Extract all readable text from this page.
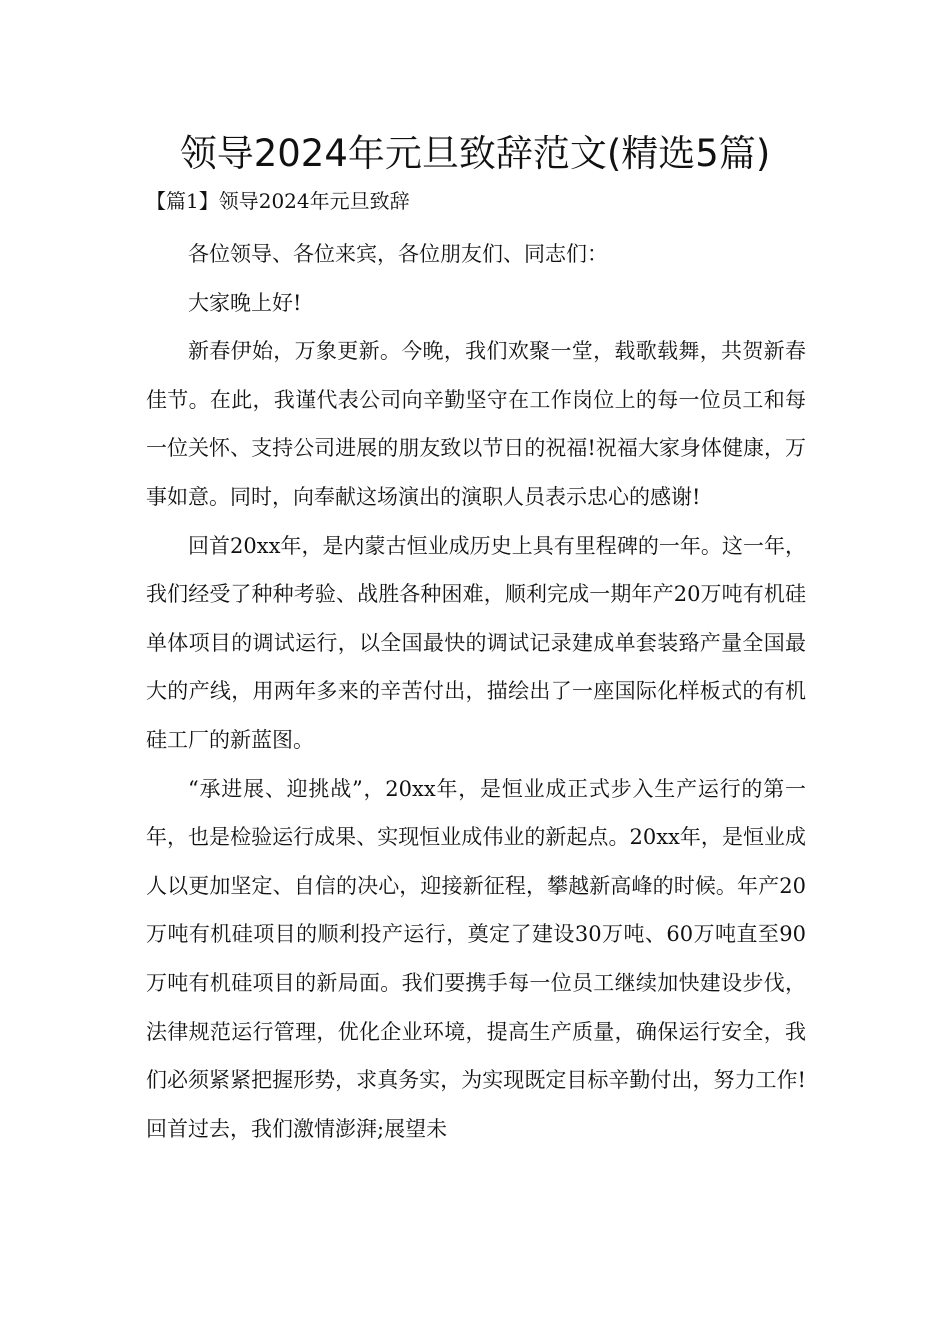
领导2024年元旦致辞范文(精选5篇)
【篇1】领导2024年元旦致辞

各位领导、各位来宾，各位朋友们、同志们：

大家晚上好!

新春伊始，万象更新。今晚，我们欢聚一堂，载歌载舞，共贺新春佳节。在此，我谨代表公司向辛勤坚守在工作岗位上的每一位员工和每一位关怀、支持公司进展的朋友致以节日的祝福!祝福大家身体健康，万事如意。同时，向奉献这场演出的演职人员表示忠心的感谢!

回首20xx年，是内蒙古恒业成历史上具有里程碑的一年。这一年，我们经受了种种考验、战胜各种困难，顺利完成一期年产20万吨有机硅单体项目的调试运行，以全国最快的调试记录建成单套装臵产量全国最大的产线，用两年多来的辛苦付出，描绘出了一座国际化样板式的有机硅工厂的新蓝图。

“承进展、迎挑战”，20xx年，是恒业成正式步入生产运行的第一年，也是检验运行成果、实现恒业成伟业的新起点。20xx年，是恒业成人以更加坚定、自信的决心，迎接新征程，攀越新高峰的时候。年产20万吨有机硅项目的顺利投产运行，奠定了建设30万吨、60万吨直至90万吨有机硅项目的新局面。我们要携手每一位员工继续加快建设步伐，法律规范运行管理，优化企业环境，提高生产质量，确保运行安全，我们必须紧紧把握形势，求真务实，为实现既定目标辛勤付出，努力工作!回首过去，我们激情澎湃;展望未
